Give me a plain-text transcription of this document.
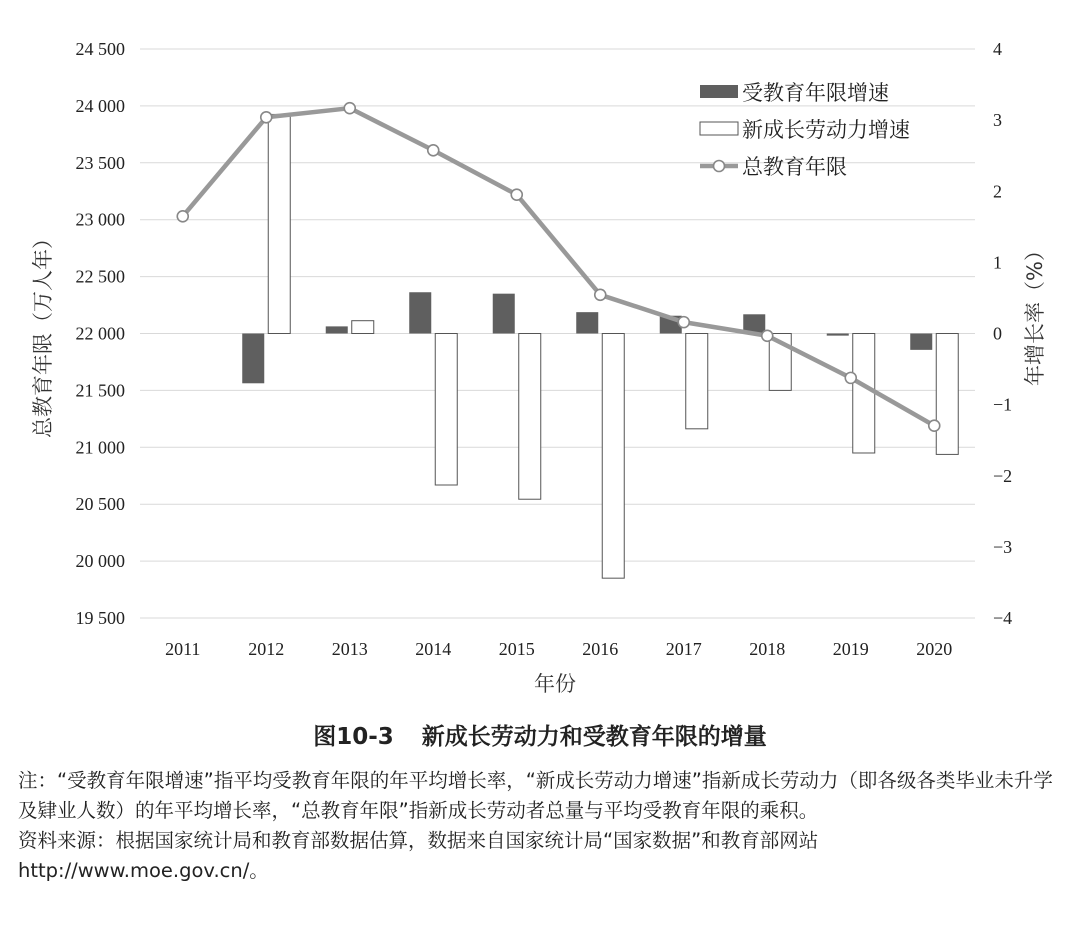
19 500
20 000
20 500
21 000
21 500
22 000
22 500
23 000
23 500
24 000
24 500
−4
−3
−2
−1
0
1
2
3
4
2011	2012	2013	2014	2015	2016	2017	2018	2019	2020
受教育年限增速
新成长劳动力增速
总教育年限
年份
总教育年限（万人年）	年增长率（%）
图10-3 新成长劳动力和受教育年限的增量

注：“受教育年限增速”指平均受教育年限的年平均增长率，“新成长劳动力增速”指新成长劳动力（即各级各类毕业未升学及肄业人数）的年平均增长率，“总教育年限”指新成长劳动者总量与平均受教育年限的乘积。

资料来源：根据国家统计局和教育部数据估算，数据来自国家统计局“国家数据”和教育部网站 http://www.moe.gov.cn/。
